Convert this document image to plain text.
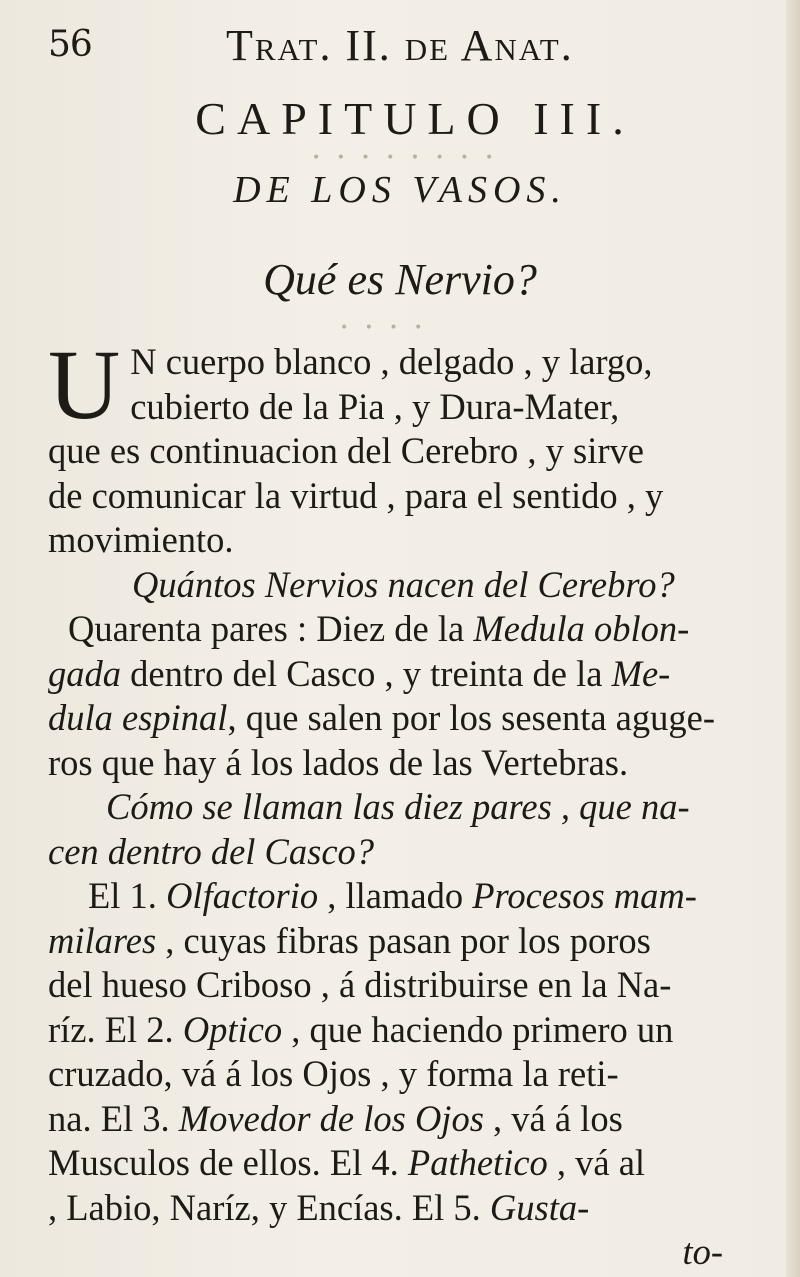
56	Trat. II. de Anat.
CAPITULO III.
• • • • • • • •
DE LOS VASOS.
Qué es Nervio?
• • • •
U N cuerpo blanco , delgado , y largo,
cubierto de la Pia , y Dura-Mater,
que es continuacion del Cerebro , y sirve
de comunicar la virtud , para el sentido , y
movimiento.
Quántos Nervios nacen del Cerebro?
Quarenta pares : Diez de la Medula oblon-
gada dentro del Casco , y treinta de la Me-
dula espinal, que salen por los sesenta aguge-
ros que hay á los lados de las Vertebras.
Cómo se llaman las diez pares , que na-
cen dentro del Casco?
El 1. Olfactorio , llamado Procesos mam-
milares , cuyas fibras pasan por los poros
del hueso Criboso , á distribuirse en la Na-
ríz. El 2. Optico , que haciendo primero un
cruzado, vá á los Ojos , y forma la reti-
na. El 3. Movedor de los Ojos , vá á los
Musculos de ellos. El 4. Pathetico , vá al
, Labio, Naríz, y Encías. El 5. Gusta-
to-
